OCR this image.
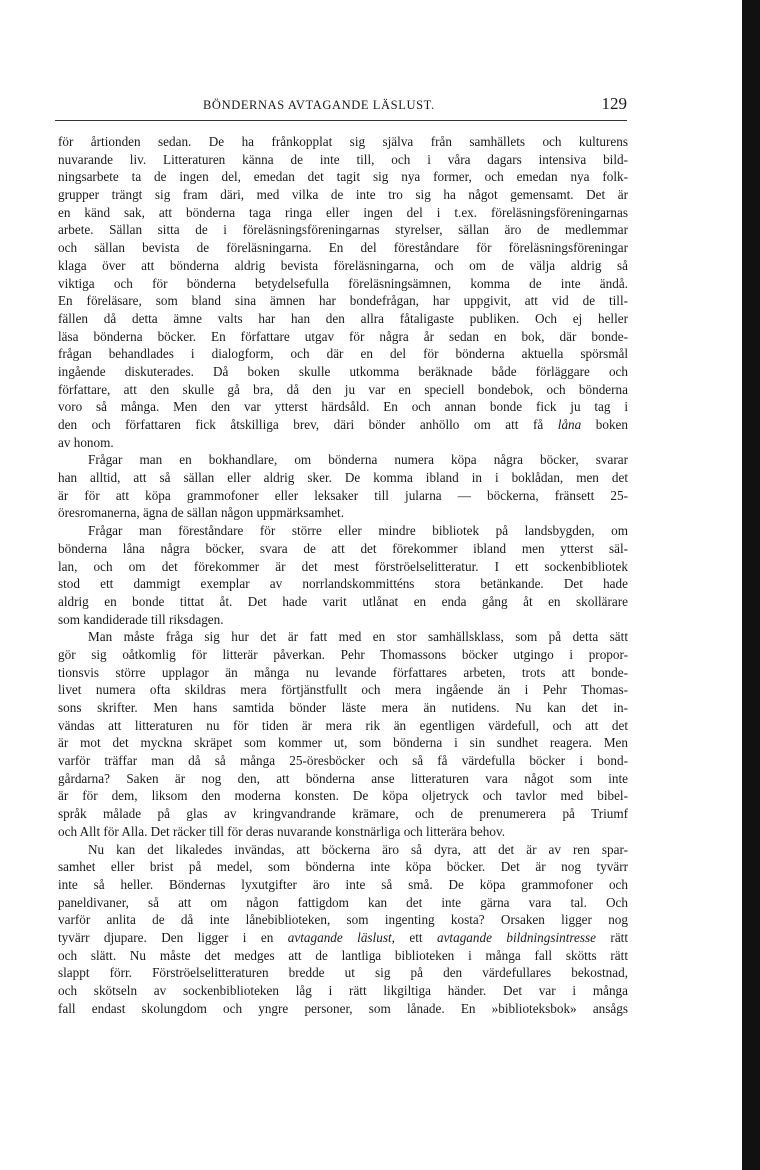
BÖNDERNAS AVTAGANDE LÄSLUST.	129
för årtionden sedan. De ha frånkopplat sig själva från samhällets och kulturens
nuvarande liv. Litteraturen känna de inte till, och i våra dagars intensiva bild-
ningsarbete ta de ingen del, emedan det tagit sig nya former, och emedan nya folk-
grupper trängt sig fram däri, med vilka de inte tro sig ha något gemensamt. Det är
en känd sak, att bönderna taga ringa eller ingen del i t.ex. föreläsningsföreningarnas
arbete. Sällan sitta de i föreläsningsföreningarnas styrelser, sällan äro de medlemmar
och sällan bevista de föreläsningarna. En del föreståndare för föreläsningsföreningar
klaga över att bönderna aldrig bevista föreläsningarna, och om de välja aldrig så
viktiga och för bönderna betydelsefulla föreläsningsämnen, komma de inte ändå.
En föreläsare, som bland sina ämnen har bondefrågan, har uppgivit, att vid de till-
fällen då detta ämne valts har han den allra fåtaligaste publiken. Och ej heller
läsa bönderna böcker. En författare utgav för några år sedan en bok, där bonde-
frågan behandlades i dialogform, och där en del för bönderna aktuella spörsmål
ingående diskuterades. Då boken skulle utkomma beräknade både förläggare och
författare, att den skulle gå bra, då den ju var en speciell bondebok, och bönderna
voro så många. Men den var ytterst härdsåld. En och annan bonde fick ju tag i
den och författaren fick åtskilliga brev, däri bönder anhöllo om att få låna boken
av honom.
Frågar man en bokhandlare, om bönderna numera köpa några böcker, svarar
han alltid, att så sällan eller aldrig sker. De komma ibland in i boklådan, men det
är för att köpa grammofoner eller leksaker till jularna — böckerna, fränsett 25-
öresromanerna, ägna de sällan någon uppmärksamhet.
Frågar man föreståndare för större eller mindre bibliotek på landsbygden, om
bönderna låna några böcker, svara de att det förekommer ibland men ytterst säl-
lan, och om det förekommer är det mest förströelselitteratur. I ett sockenbibliotek
stod ett dammigt exemplar av norrlandskommitténs stora betänkande. Det hade
aldrig en bonde tittat åt. Det hade varit utlånat en enda gång åt en skollärare
som kandiderade till riksdagen.
Man måste fråga sig hur det är fatt med en stor samhällsklass, som på detta sätt
gör sig oåtkomlig för litterär påverkan. Pehr Thomassons böcker utgingo i propor-
tionsvis större upplagor än många nu levande författares arbeten, trots att bonde-
livet numera ofta skildras mera förtjänstfullt och mera ingående än i Pehr Thomas-
sons skrifter. Men hans samtida bönder läste mera än nutidens. Nu kan det in-
vändas att litteraturen nu för tiden är mera rik än egentligen värdefull, och att det
är mot det myckna skräpet som kommer ut, som bönderna i sin sundhet reagera. Men
varför träffar man då så många 25-öresböcker och så få värdefulla böcker i bond-
gårdarna? Saken är nog den, att bönderna anse litteraturen vara något som inte
är för dem, liksom den moderna konsten. De köpa oljetryck och tavlor med bibel-
språk målade på glas av kringvandrande krämare, och de prenumerera på Triumf
och Allt för Alla. Det räcker till för deras nuvarande konstnärliga och litterära behov.
Nu kan det likaledes invändas, att böckerna äro så dyra, att det är av ren spar-
samhet eller brist på medel, som bönderna inte köpa böcker. Det är nog tyvärr
inte så heller. Böndernas lyxutgifter äro inte så små. De köpa grammofoner och
paneldivaner, så att om någon fattigdom kan det inte gärna vara tal. Och
varför anlita de då inte lånebiblioteken, som ingenting kosta? Orsaken ligger nog
tyvärr djupare. Den ligger i en avtagande läslust, ett avtagande bildningsintresse rätt
och slätt. Nu måste det medges att de lantliga biblioteken i många fall skötts rätt
slappt förr. Förströelselitteraturen bredde ut sig på den värdefullares bekostnad,
och skötseln av sockenbiblioteken låg i rätt likgiltiga händer. Det var i många
fall endast skolungdom och yngre personer, som lånade. En »biblioteksbok» ansågs
